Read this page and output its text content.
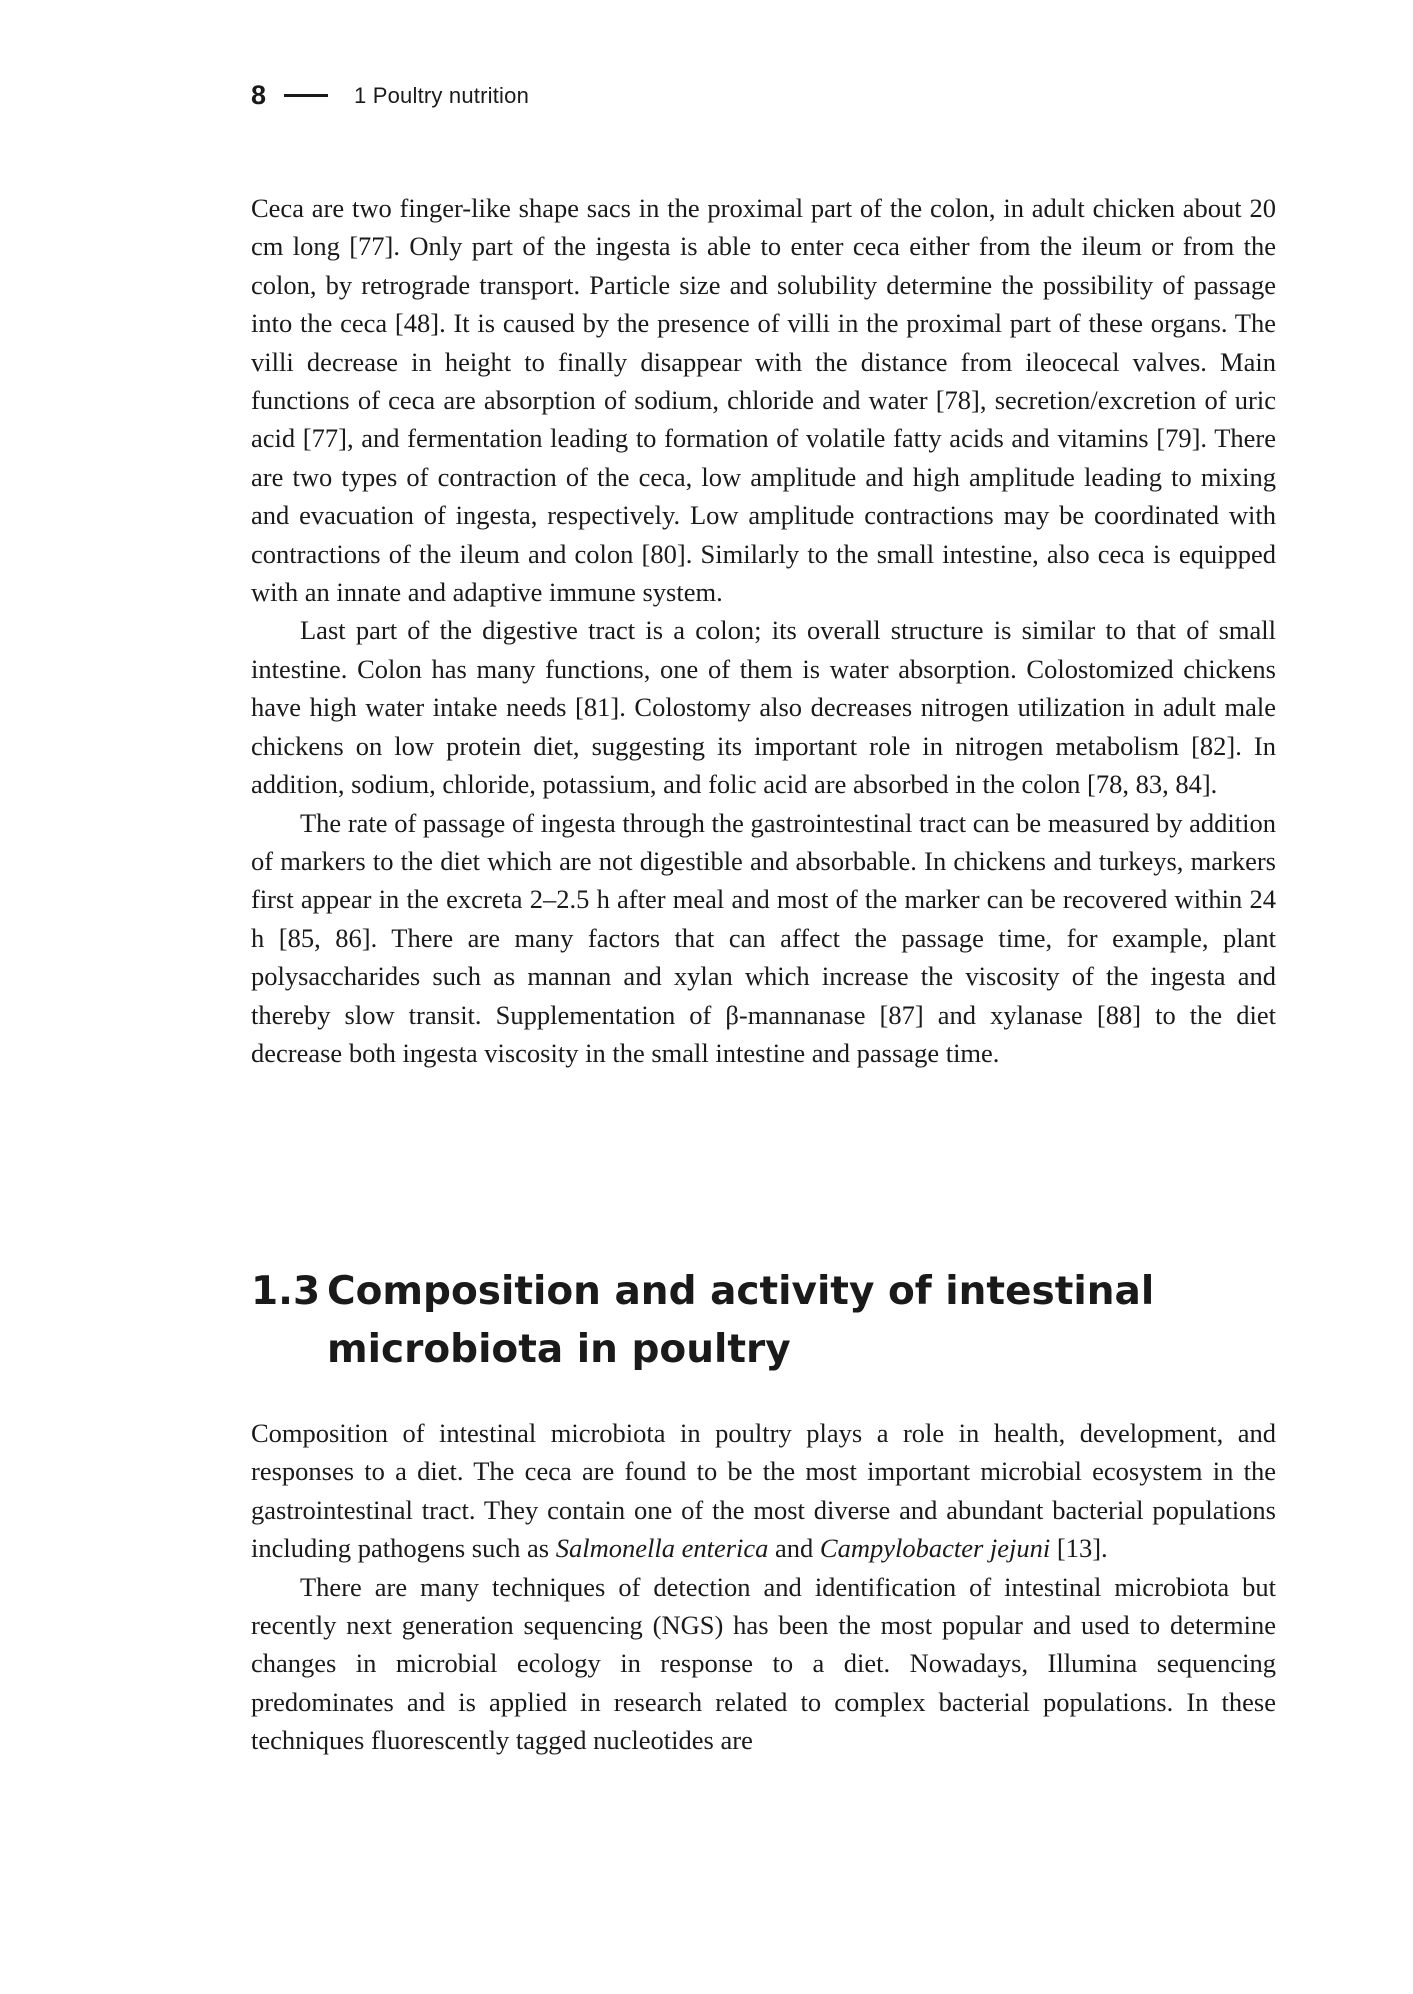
8	1 Poultry nutrition

Ceca are two finger-like shape sacs in the proximal part of the colon, in adult chicken about 20 cm long [77]. Only part of the ingesta is able to enter ceca either from the ileum or from the colon, by retrograde transport. Particle size and solubility determine the possibility of passage into the ceca [48]. It is caused by the presence of villi in the proximal part of these organs. The villi decrease in height to finally disappear with the distance from ileocecal valves. Main functions of ceca are absorption of sodium, chloride and water [78], secretion/excretion of uric acid [77], and fermentation leading to formation of volatile fatty acids and vitamins [79]. There are two types of contraction of the ceca, low amplitude and high amplitude leading to mixing and evacuation of ingesta, respectively. Low amplitude contractions may be coordinated with contractions of the ileum and colon [80]. Similarly to the small intestine, also ceca is equipped with an innate and adaptive immune system.

Last part of the digestive tract is a colon; its overall structure is similar to that of small intestine. Colon has many functions, one of them is water absorption. Colostomized chickens have high water intake needs [81]. Colostomy also decreases nitrogen utilization in adult male chickens on low protein diet, suggesting its important role in nitrogen metabolism [82]. In addition, sodium, chloride, potassium, and folic acid are absorbed in the colon [78, 83, 84].

The rate of passage of ingesta through the gastrointestinal tract can be measured by addition of markers to the diet which are not digestible and absorbable. In chickens and turkeys, markers first appear in the excreta 2–2.5 h after meal and most of the marker can be recovered within 24 h [85, 86]. There are many factors that can affect the passage time, for example, plant polysaccharides such as mannan and xylan which increase the viscosity of the ingesta and thereby slow transit. Supplementation of β-mannanase [87] and xylanase [88] to the diet decrease both ingesta viscosity in the small intestine and passage time.

1.3 Composition and activity of intestinal microbiota in poultry

Composition of intestinal microbiota in poultry plays a role in health, development, and responses to a diet. The ceca are found to be the most important microbial ecosystem in the gastrointestinal tract. They contain one of the most diverse and abundant bacterial populations including pathogens such as Salmonella enterica and Campylobacter jejuni [13].

There are many techniques of detection and identification of intestinal microbiota but recently next generation sequencing (NGS) has been the most popular and used to determine changes in microbial ecology in response to a diet. Nowadays, Illumina sequencing predominates and is applied in research related to complex bacterial populations. In these techniques fluorescently tagged nucleotides are
